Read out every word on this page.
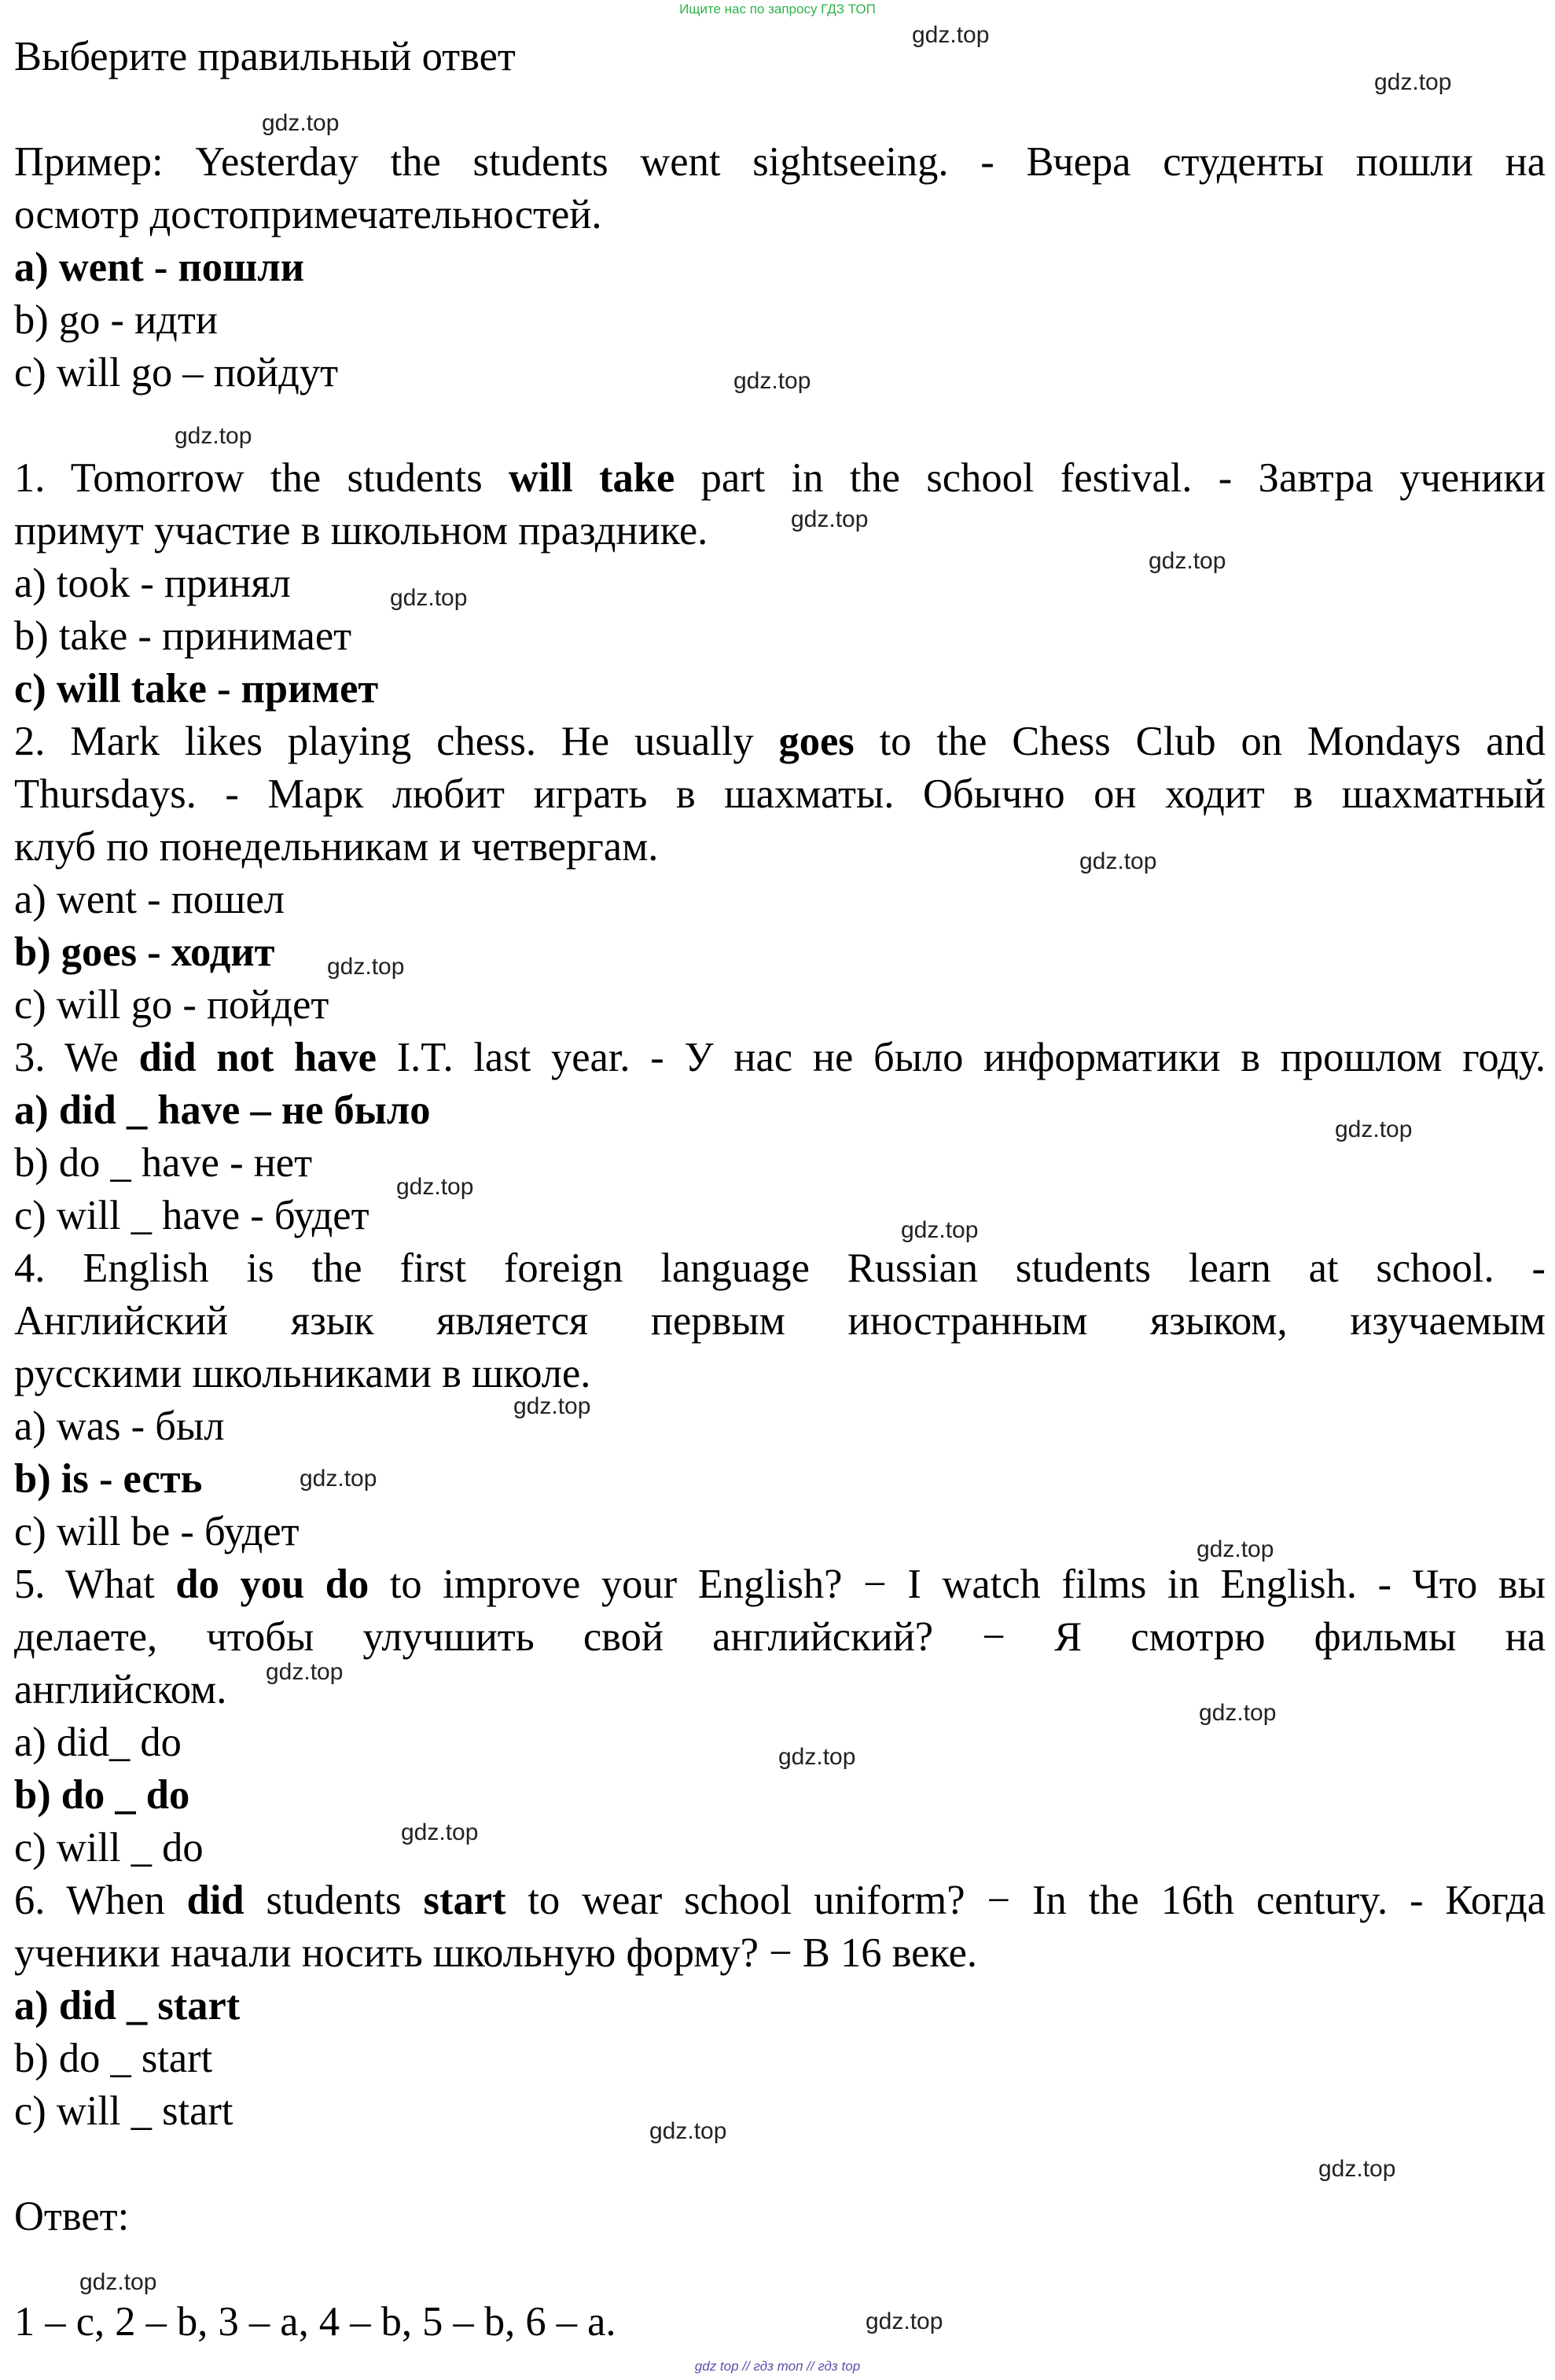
Ищите нас по запросу ГДЗ ТОП
Выберите правильный ответ
Пример: Yesterday the students went sightseeing. - Вчера студенты пошли на
осмотр достопримечательностей.
a) went - пошли
b) go - идти
c) will go – пойдут
1. Tomorrow the students will take part in the school festival. - Завтра ученики
примут участие в школьном празднике.
a) took - принял
b) take - принимает
c) will take - примет
2. Mark likes playing chess. He usually goes to the Chess Club on Mondays and
Thursdays. - Марк любит играть в шахматы. Обычно он ходит в шахматный
клуб по понедельникам и четвергам.
a) went - пошел
b) goes - ходит
c) will go - пойдет
3. We did not have I.T. last year. - У нас не было информатики в прошлом году.
a) did _ have – не было
b) do _ have - нет
c) will _ have - будет
4. English is the first foreign language Russian students learn at school. -
Английский язык является первым иностранным языком, изучаемым
русскими школьниками в школе.
a) was - был
b) is - есть
c) will be - будет
5. What do you do to improve your English? − I watch films in English. - Что вы
делаете, чтобы улучшить свой английский? − Я смотрю фильмы на
английском.
a) did_ do
b) do _ do
c) will _ do
6. When did students start to wear school uniform? − In the 16th century. - Когда
ученики начали носить школьную форму? − В 16 веке.
a) did _ start
b) do _ start
c) will _ start
Ответ:
1 – c, 2 – b, 3 – a, 4 – b, 5 – b, 6 – a.
gdz.top
gdz.top
gdz.top
gdz.top
gdz.top
gdz.top
gdz.top
gdz.top
gdz.top
gdz.top
gdz.top
gdz.top
gdz.top
gdz.top
gdz.top
gdz.top
gdz.top
gdz.top
gdz.top
gdz.top
gdz.top
gdz.top
gdz.top
gdz.top
gdz top // гдз топ // гдз top
